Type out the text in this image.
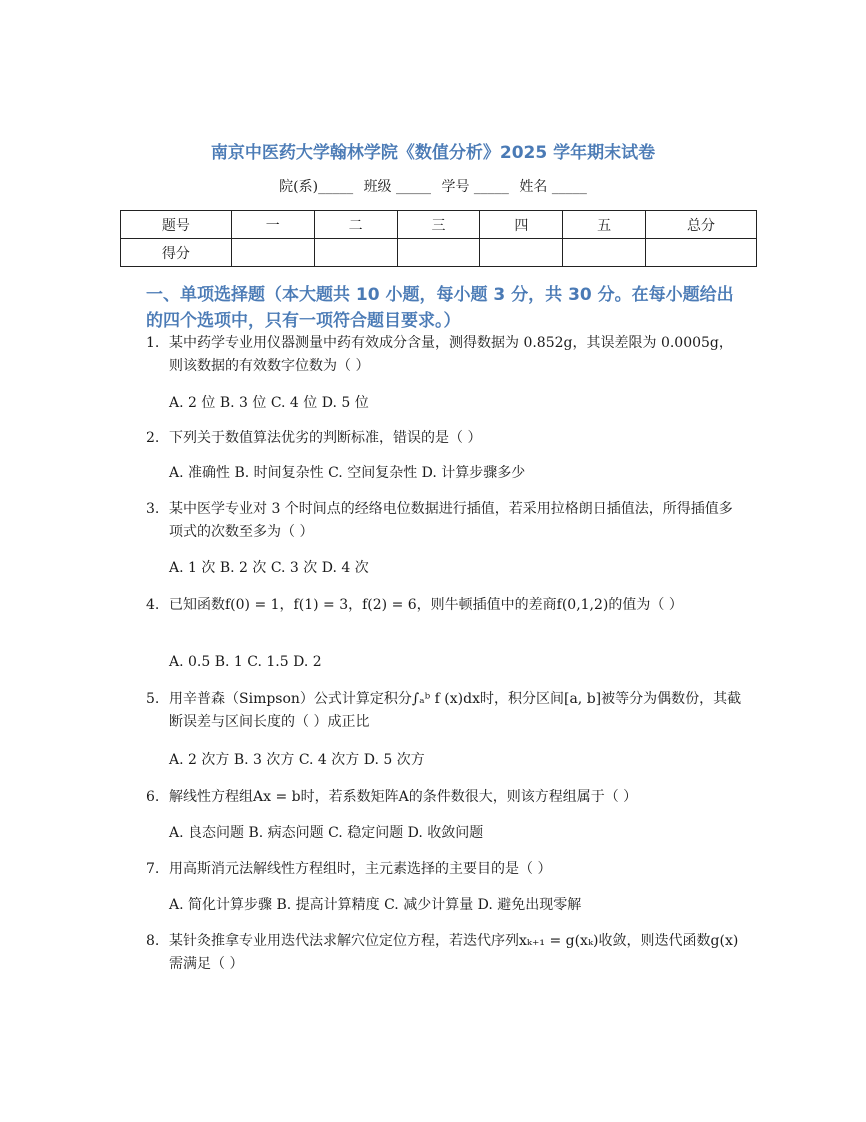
南京中医药大学翰林学院《数值分析》2025 学年期末试卷
院(系)_____ 班级 _____ 学号 _____ 姓名 _____
题号	一	二	三	四	五	总分
得分						
一、单项选择题（本大题共 10 小题，每小题 3 分，共 30 分。在每小题给出的四个选项中，只有一项符合题目要求。）
1. 某中药学专业用仪器测量中药有效成分含量，测得数据为 0.852g，其误差限为 0.0005g，则该数据的有效数字位数为（ ）
A. 2 位 B. 3 位 C. 4 位 D. 5 位
2. 下列关于数值算法优劣的判断标准，错误的是（ ）
A. 准确性 B. 时间复杂性 C. 空间复杂性 D. 计算步骤多少
3. 某中医学专业对 3 个时间点的经络电位数据进行插值，若采用拉格朗日插值法，所得插值多项式的次数至多为（ ）
A. 1 次 B. 2 次 C. 3 次 D. 4 次
4. 已知函数f(0) = 1，f(1) = 3，f(2) = 6，则牛顿插值中的差商f(0,1,2)的值为（ ）
A. 0.5 B. 1 C. 1.5 D. 2
5. 用辛普森（Simpson）公式计算定积分∫ₐᵇ f (x)dx时，积分区间[a, b]被等分为偶数份，其截断误差与区间长度的（ ）成正比
A. 2 次方 B. 3 次方 C. 4 次方 D. 5 次方
6. 解线性方程组Ax = b时，若系数矩阵A的条件数很大，则该方程组属于（ ）
A. 良态问题 B. 病态问题 C. 稳定问题 D. 收敛问题
7. 用高斯消元法解线性方程组时，主元素选择的主要目的是（ ）
A. 简化计算步骤 B. 提高计算精度 C. 减少计算量 D. 避免出现零解
8. 某针灸推拿专业用迭代法求解穴位定位方程，若迭代序列xₖ₊₁ = g(xₖ)收敛，则迭代函数g(x)需满足（ ）
